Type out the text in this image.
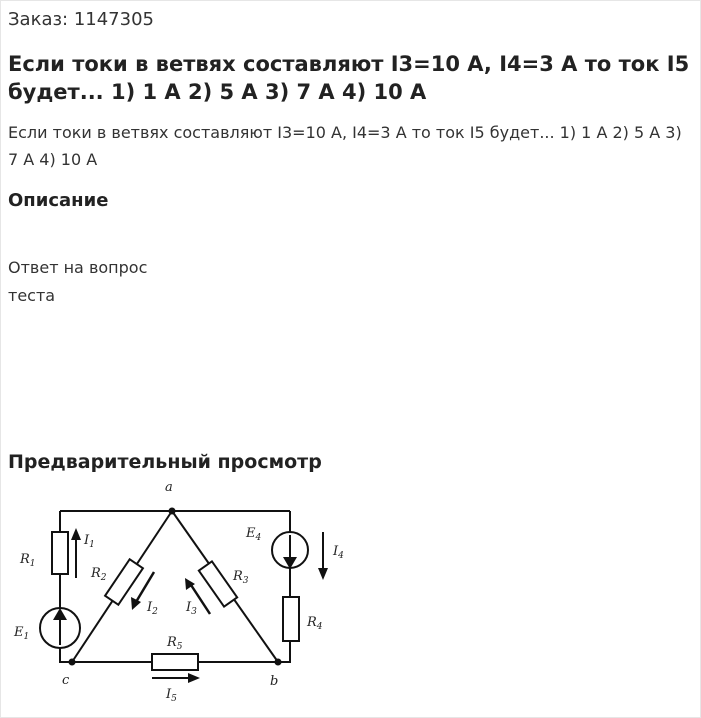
Заказ: 1147305
Если токи в ветвях составляют I3=10 A, I4=3 A то ток I5 будет... 1) 1 A 2) 5 A 3) 7 A 4) 10 A
Если токи в ветвях составляют I3=10 A, I4=3 A то ток I5 будет... 1) 1 A 2) 5 A 3) 7 A 4) 10 A
Описание
Ответ на вопрос теста
Предварительный просмотр
a
c	b
$R_1$
$E_1$
$I_1$
$R_2$
$I_2$ $I_3$
$R_3$
$E_4$
$I_4$
$R_4$
$R_5$
$I_5$
